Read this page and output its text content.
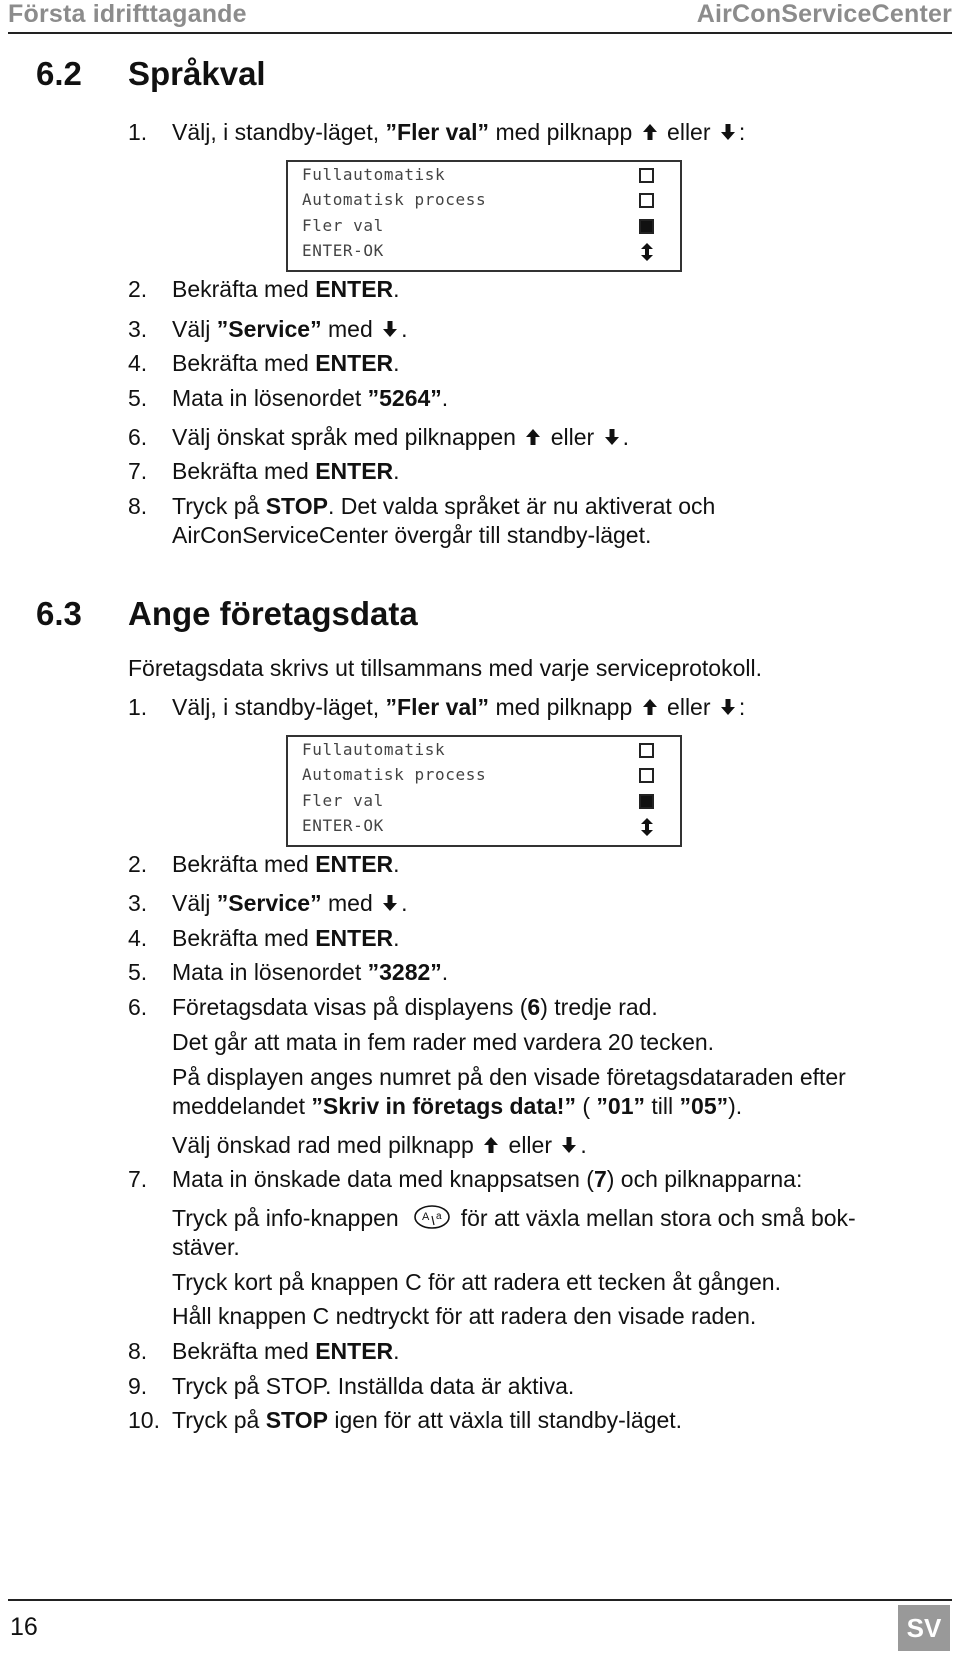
Första idrifttagande	AirConServiceCenter
6.2 Språkval
1. Välj, i standby-läget, ”Fler val” med pilknapp eller :
Fullautomatisk
Automatisk process
Fler val
ENTER-OK
2. Bekräfta med ENTER.
3. Välj ”Service” med .
4. Bekräfta med ENTER.
5. Mata in lösenordet ”5264”.
6. Välj önskat språk med pilknappen eller .
7. Bekräfta med ENTER.
8. Tryck på STOP. Det valda språket är nu aktiverat och
AirConServiceCenter övergår till standby-läget.
6.3 Ange företagsdata
Företagsdata skrivs ut tillsammans med varje serviceprotokoll.
1. Välj, i standby-läget, ”Fler val” med pilknapp eller :
Fullautomatisk
Automatisk process
Fler val
ENTER-OK
2. Bekräfta med ENTER.
3. Välj ”Service” med .
4. Bekräfta med ENTER.
5. Mata in lösenordet ”3282”.
6. Företagsdata visas på displayens (6) tredje rad.
Det går att mata in fem rader med vardera 20 tecken.
På displayen anges numret på den visade företagsdataraden efter
meddelandet ”Skriv in företags data!” ( ”01” till ”05”).
Välj önskad rad med pilknapp eller .
7. Mata in önskade data med knappsatsen (7) och pilknapparna:
Tryck på info-knappen A a för att växla mellan stora och små bok-
stäver.
Tryck kort på knappen C för att radera ett tecken åt gången.
Håll knappen C nedtryckt för att radera den visade raden.
8. Bekräfta med ENTER.
9. Tryck på STOP. Inställda data är aktiva.
10. Tryck på STOP igen för att växla till standby-läget.
16	SV
